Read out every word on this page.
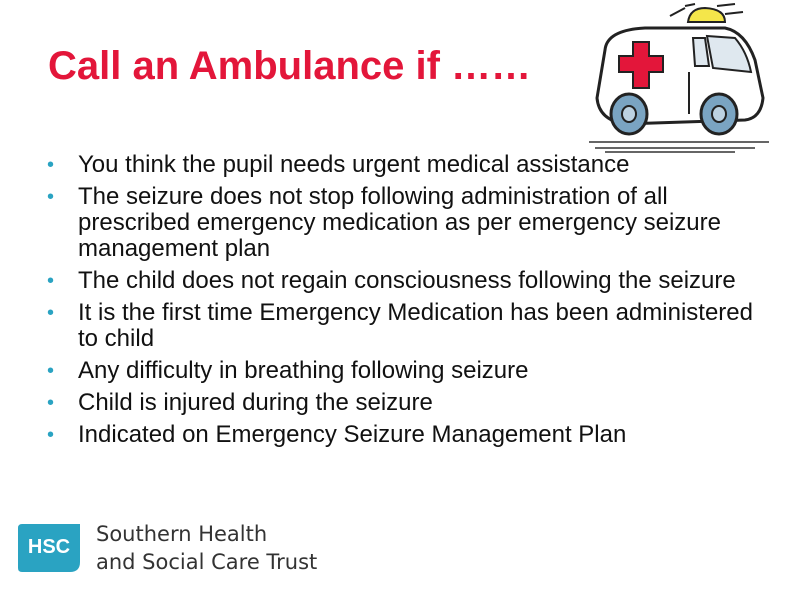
Call an Ambulance if ……
• You think the pupil needs urgent medical assistance
• The seizure does not stop following administration of all prescribed emergency medication as per emergency seizure management plan
• The child does not regain consciousness following the seizure
• It is the first time Emergency Medication has been administered to child
• Any difficulty in breathing following seizure
• Child is injured during the seizure
• Indicated on Emergency Seizure Management Plan
HSC
Southern Health
and Social Care Trust
